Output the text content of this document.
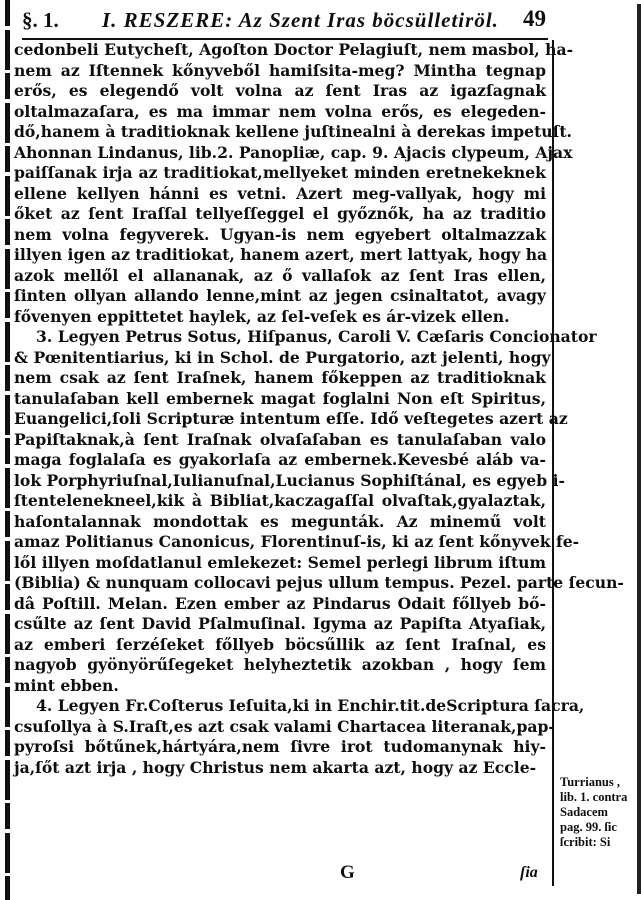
§. 1. I. RESZERE: Az Szent Iras böcsülletiröl. 49
cedonbeli Eutycheſt, Agoſton Doctor Pelagiuſt, nem masbol, ha-
nem az Iſtennek kőnyveből hamiſsita-meg? Mintha tegnap
erős, es elegendő volt volna az ſent Iras az igazſagnak
oltalmazaſara, es ma immar nem volna erős, es elegeden-
dő,hanem à traditioknak kellene juſtinealni à derekas impetuſt.
Ahonnan Lindanus, lib.2. Panopliæ, cap. 9. Ajacis clypeum, Ajax
paiſſanak irja az traditiokat,mellyeket minden eretnekeknek
ellene kellyen hánni es vetni. Azert meg-vallyak, hogy mi
őket az ſent Iraſſal tellyeſſeggel el győznők, ha az traditio
nem volna fegyverek. Ugyan-is nem egyebert oltalmazzak
illyen igen az traditiokat, hanem azert, mert lattyak, hogy ha
azok mellől el allananak, az ő vallaſok az ſent Iras ellen,
ſinten ollyan allando lenne,mint az jegen csinaltatot, avagy
fővenyen eppittetet haylek, az ſel-veſek es ár-vizek ellen.
3. Legyen Petrus Sotus, Hiſpanus, Caroli V. Cæſaris Concionator
& Pœnitentiarius, ki in Schol. de Purgatorio, azt jelenti, hogy
nem csak az ſent Iraſnek, hanem főkeppen az traditioknak
tanulaſaban kell embernek magat foglalni Non eſt Spiritus,
Euangelici,ſoli Scripturæ intentum eſſe. Idő veſtegetes azert az
Papiſtaknak,à ſent Iraſnak olvaſaſaban es tanulaſaban valo
maga foglalaſa es gyakorlaſa az embernek.Kevesbé aláb va-
lok Porphyriuſnal,Iulianuſnal,Lucianus Sophiſtánal, es egyeb i-
ſtentelenekneel,kik à Bibliat,kaczagaſſal olvaſtak,gyalaztak,
haſontalannak mondottak es megunták. Az minemű volt
amaz Politianus Canonicus, Florentinuſ-is, ki az ſent kőnyvek fe-
lől illyen moſdatlanul emlekezet: Semel perlegi librum iſtum
(Biblia) & nunquam collocavi pejus ullum tempus. Pezel. parte ſecun-
dâ Poſtill. Melan. Ezen ember az Pindarus Odait főllyeb bő-
csűlte az ſent David Pſalmuſinal. Igyma az Papiſta Atyaſiak,
az emberi ſerzéſeket főllyeb böcsűllik az ſent Iraſnal, es
nagyob gyönyörűſegeket helyheztetik azokban , hogy ſem
mint ebben.
4. Legyen Fr.Coſterus Ieſuita,ki in Enchir.tit.deScriptura ſacra,
csuſollya à S.Iraſt,es azt csak valami Chartacea literanak,pap-
pyroſsi bőtűnek,hártyára,nem ſivre irot tudomanynak hiy-
ja,ſőt azt irja , hogy Christus nem akarta azt, hogy az Eccle-
Turrianus ,
lib. 1. contra
Sadacem
pag. 99. ſic
ſcribit: Si
G	ſia
